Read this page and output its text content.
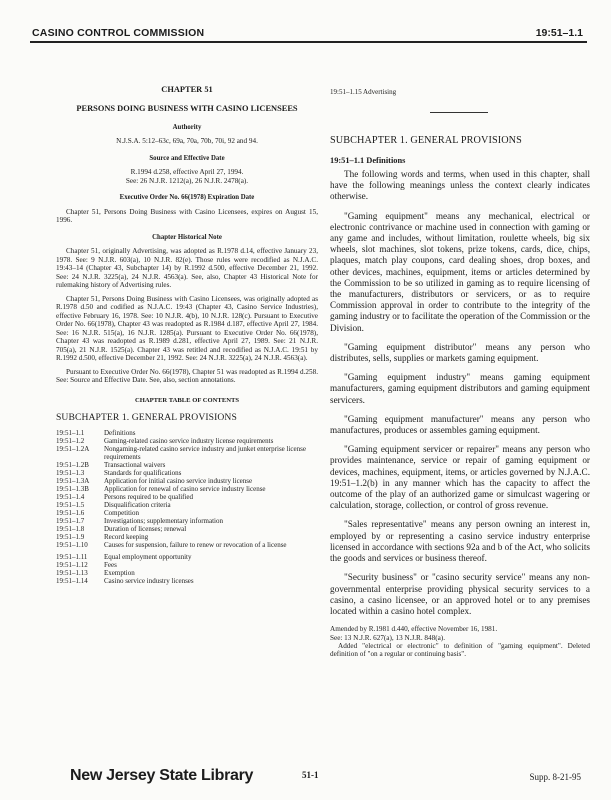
CASINO CONTROL COMMISSION	19:51–1.1
CHAPTER 51
PERSONS DOING BUSINESS WITH CASINO LICENSEES
Authority
N.J.S.A. 5:12–63c, 69a, 70a, 70b, 70i, 92 and 94.
Source and Effective Date
R.1994 d.258, effective April 27, 1994.
See: 26 N.J.R. 1212(a), 26 N.J.R. 2478(a).
Executive Order No. 66(1978) Expiration Date
Chapter 51, Persons Doing Business with Casino Licensees, expires on August 15, 1996.
Chapter Historical Note
Chapter 51, originally Advertising, was adopted as R.1978 d.14, effective January 23, 1978. See: 9 N.J.R. 603(a), 10 N.J.R. 82(e). Those rules were recodified as N.J.A.C. 19:43–14 (Chapter 43, Subchapter 14) by R.1992 d.500, effective December 21, 1992. See: 24 N.J.R. 3225(a), 24 N.J.R. 4563(a). See, also, Chapter 43 Historical Note for rulemaking history of Advertising rules.
Chapter 51, Persons Doing Business with Casino Licensees, was originally adopted as R.1978 d.50 and codified as N.J.A.C. 19:43 (Chapter 43, Casino Service Industries), effective February 16, 1978. See: 10 N.J.R. 4(b), 10 N.J.R. 128(c). Pursuant to Executive Order No. 66(1978), Chapter 43 was readopted as R.1984 d.187, effective April 27, 1984. See: 16 N.J.R. 515(a), 16 N.J.R. 1285(a). Pursuant to Executive Order No. 66(1978), Chapter 43 was readopted as R.1989 d.281, effective April 27, 1989. See: 21 N.J.R. 705(a), 21 N.J.R. 1525(a). Chapter 43 was retitled and recodified as N.J.A.C. 19:51 by R.1992 d.500, effective December 21, 1992. See: 24 N.J.R. 3225(a), 24 N.J.R. 4563(a).
Pursuant to Executive Order No. 66(1978), Chapter 51 was readopted as R.1994 d.258. See: Source and Effective Date. See, also, section annotations.
CHAPTER TABLE OF CONTENTS
SUBCHAPTER 1. GENERAL PROVISIONS
19:51–1.1	Definitions
19:51–1.2	Gaming-related casino service industry license requirements
19:51–1.2A	Nongaming-related casino service industry and junket enterprise license requirements
19:51–1.2B	Transactional waivers
19:51–1.3	Standards for qualifications
19:51–1.3A	Application for initial casino service industry license
19:51–1.3B	Application for renewal of casino service industry license
19:51–1.4	Persons required to be qualified
19:51–1.5	Disqualification criteria
19:51–1.6	Competition
19:51–1.7	Investigations; supplementary information
19:51–1.8	Duration of licenses; renewal
19:51–1.9	Record keeping
19:51–1.10	Causes for suspension, failure to renew or revocation of a license
19:51–1.11	Equal employment opportunity
19:51–1.12	Fees
19:51–1.13	Exemption
19:51–1.14	Casino service industry licenses
19:51–1.15 Advertising
SUBCHAPTER 1. GENERAL PROVISIONS
19:51–1.1 Definitions
The following words and terms, when used in this chapter, shall have the following meanings unless the context clearly indicates otherwise.
"Gaming equipment" means any mechanical, electrical or electronic contrivance or machine used in connection with gaming or any game and includes, without limitation, roulette wheels, big six wheels, slot machines, slot tokens, prize tokens, cards, dice, chips, plaques, match play coupons, card dealing shoes, drop boxes, and other devices, machines, equipment, items or articles determined by the Commission to be so utilized in gaming as to require licensing of the manufacturers, distributors or servicers, or as to require Commission approval in order to contribute to the integrity of the gaming industry or to facilitate the operation of the Commission or the Division.
"Gaming equipment distributor" means any person who distributes, sells, supplies or markets gaming equipment.
"Gaming equipment industry" means gaming equipment manufacturers, gaming equipment distributors and gaming equipment servicers.
"Gaming equipment manufacturer" means any person who manufactures, produces or assembles gaming equipment.
"Gaming equipment servicer or repairer" means any person who provides maintenance, service or repair of gaming equipment or devices, machines, equipment, items, or articles governed by N.J.A.C. 19:51–1.2(b) in any manner which has the capacity to affect the outcome of the play of an authorized game or simulcast wagering or calculation, storage, collection, or control of gross revenue.
"Sales representative" means any person owning an interest in, employed by or representing a casino service industry enterprise licensed in accordance with sections 92a and b of the Act, who solicits the goods and services or business thereof.
"Security business" or "casino security service" means any non-governmental enterprise providing physical security services to a casino, a casino licensee, or an approved hotel or to any premises located within a casino hotel complex.
Amended by R.1981 d.440, effective November 16, 1981.
See: 13 N.J.R. 627(a), 13 N.J.R. 848(a).
Added "electrical or electronic" to definition of "gaming equipment". Deleted definition of "on a regular or continuing basis".
New Jersey State Library	51-1	Supp. 8-21-95
